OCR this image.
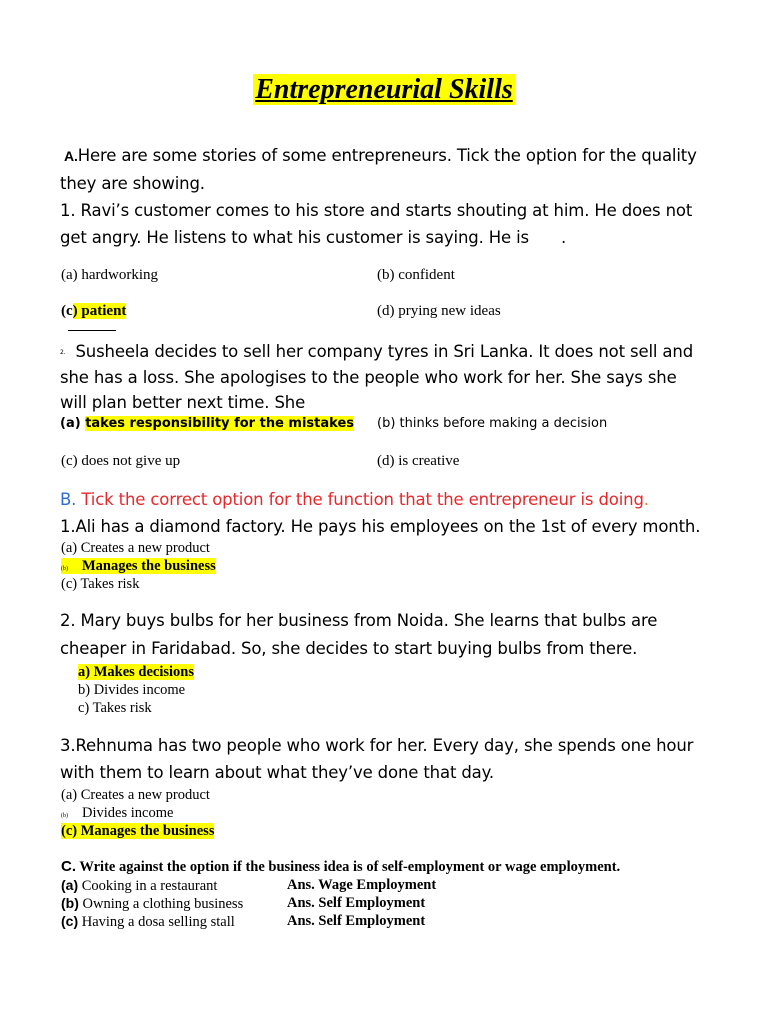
Entrepreneurial Skills
A.Here are some stories of some entrepreneurs. Tick the option for the quality
they are showing.
1. Ravi’s customer comes to his store and starts shouting at him. He does not
get angry. He listens to what his customer is saying. He is .
(a) hardworking	(b) confident
(c) patient	(d) prying new ideas
2. Susheela decides to sell her company tyres in Sri Lanka. It does not sell and
she has a loss. She apologises to the people who work for her. She says she
will plan better next time. She
(a) takes responsibility for the mistakes (b) thinks before making a decision
(c) does not give up	(d) is creative
B. Tick the correct option for the function that the entrepreneur is doing.
1.Ali has a diamond factory. He pays his employees on the 1st of every month.
(a) Creates a new product
(b) Manages the business
(c) Takes risk
2. Mary buys bulbs for her business from Noida. She learns that bulbs are
cheaper in Faridabad. So, she decides to start buying bulbs from there.
a) Makes decisions
b) Divides income
c) Takes risk
3.Rehnuma has two people who work for her. Every day, she spends one hour
with them to learn about what they’ve done that day.
(a) Creates a new product
(b) Divides income
(c) Manages the business
C. Write against the option if the business idea is of self-employment or wage employment.
(a) Cooking in a restaurant	Ans. Wage Employment
(b) Owning a clothing business	Ans. Self Employment
(c) Having a dosa selling stall	Ans. Self Employment
